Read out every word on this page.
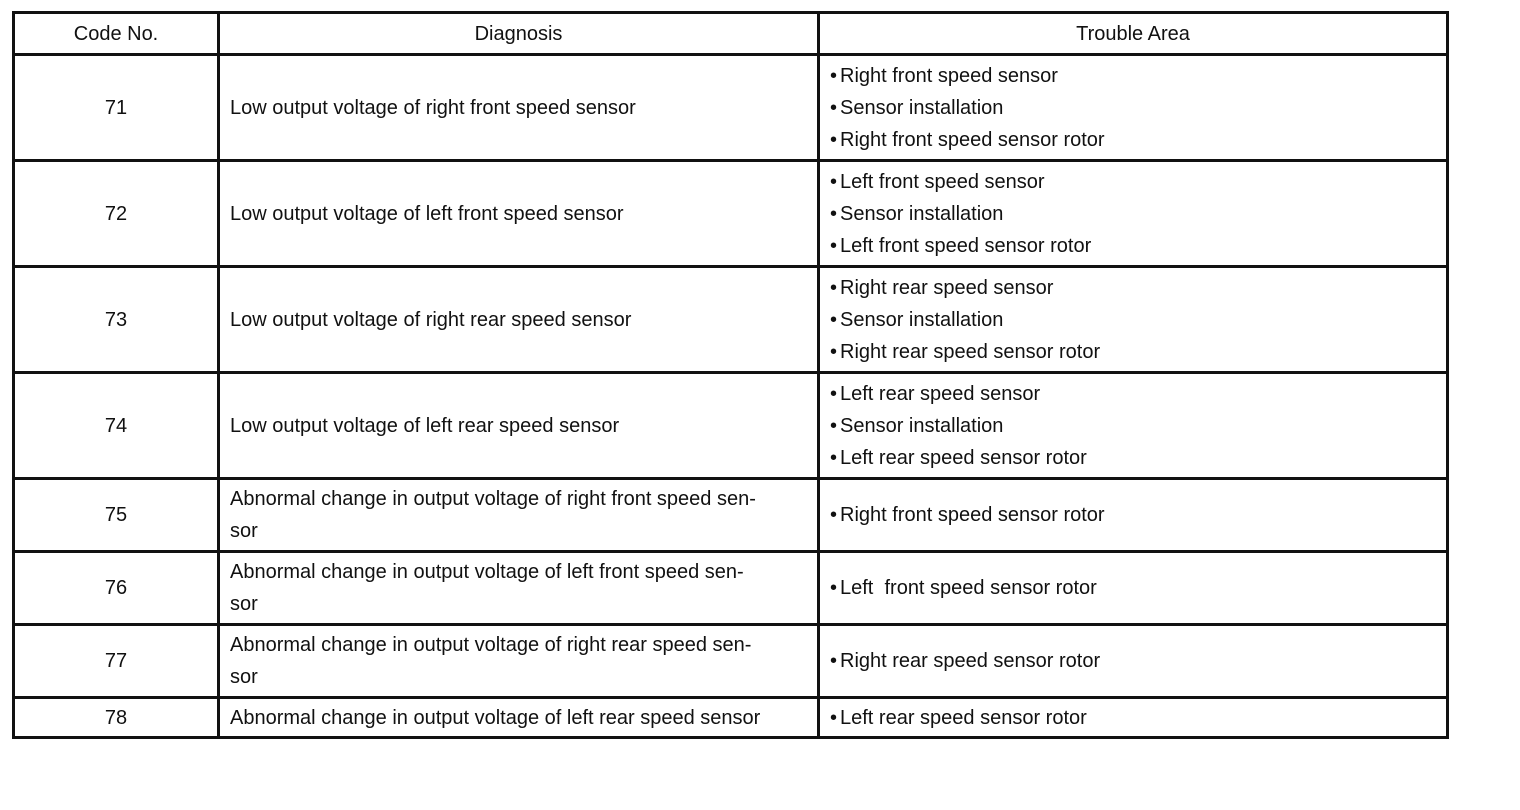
Code No.	Diagnosis	Trouble Area
71	Low output voltage of right front speed sensor	• Right front speed sensor
• Sensor installation
• Right front speed sensor rotor

72	Low output voltage of left front speed sensor	• Left front speed sensor
• Sensor installation
• Left front speed sensor rotor

73	Low output voltage of right rear speed sensor	• Right rear speed sensor
• Sensor installation
• Right rear speed sensor rotor

74	Low output voltage of left rear speed sensor	• Left rear speed sensor
• Sensor installation
• Left rear speed sensor rotor

75	Abnormal change in output voltage of right front speed sen-
sor	• Right front speed sensor rotor

76	Abnormal change in output voltage of left front speed sen-
sor	• Left  front speed sensor rotor

77	Abnormal change in output voltage of right rear speed sen-
sor	• Right rear speed sensor rotor

78	Abnormal change in output voltage of left rear speed sensor	• Left rear speed sensor rotor
